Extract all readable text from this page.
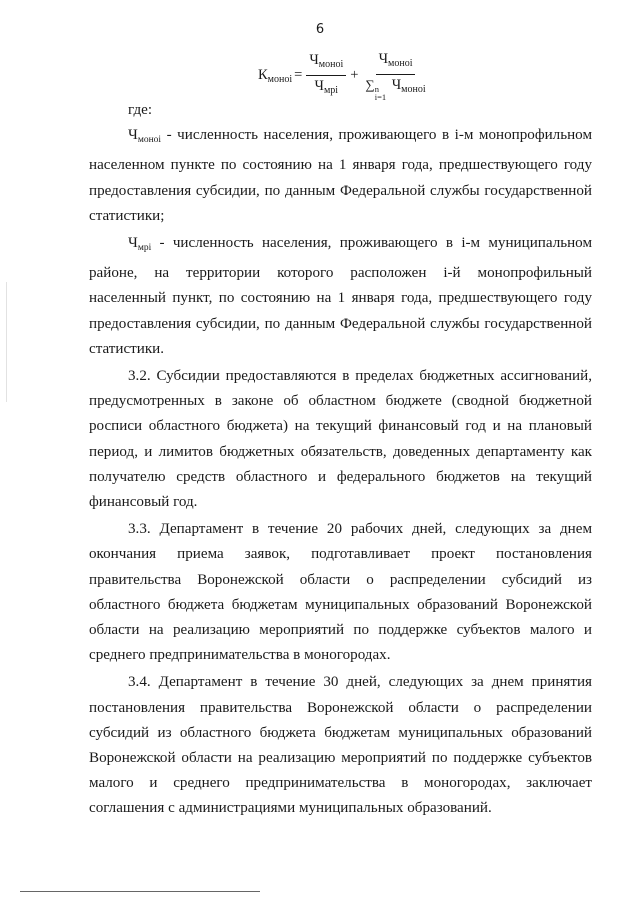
6
$К_{моноі} = \frac{Ч_{моноі}}{Ч_{мрі}} + Ч_{моноі}$
∑ n
i=1
$Ч_{моноі}$

где:

$Ч_{моноі}$ - численность населения, проживающего в i-м монопрофильном населенном пункте по состоянию на 1 января года, предшествующего году предоставления субсидии, по данным Федеральной службы государственной статистики;

$Ч_{мрі}$ - численность населения, проживающего в i-м муниципальном районе, на территории которого расположен i-й монопрофильный населенный пункт, по состоянию на 1 января года, предшествующего году предоставления субсидии, по данным Федеральной службы государственной статистики.

3.2. Субсидии предоставляются в пределах бюджетных ассигнований, предусмотренных в законе об областном бюджете (сводной бюджетной росписи областного бюджета) на текущий финансовый год и на плановый период, и лимитов бюджетных обязательств, доведенных департаменту как получателю средств областного и федерального бюджетов на текущий финансовый год.

3.3. Департамент в течение 20 рабочих дней, следующих за днем окончания приема заявок, подготавливает проект постановления правительства Воронежской области о распределении субсидий из областного бюджета бюджетам муниципальных образований Воронежской области на реализацию мероприятий по поддержке субъектов малого и среднего предпринимательства в моногородах.

3.4. Департамент в течение 30 дней, следующих за днем принятия постановления правительства Воронежской области о распределении субсидий из областного бюджета бюджетам муниципальных образований Воронежской области на реализацию мероприятий по поддержке субъектов малого и среднего предпринимательства в моногородах, заключает соглашения с администрациями муниципальных образований.
